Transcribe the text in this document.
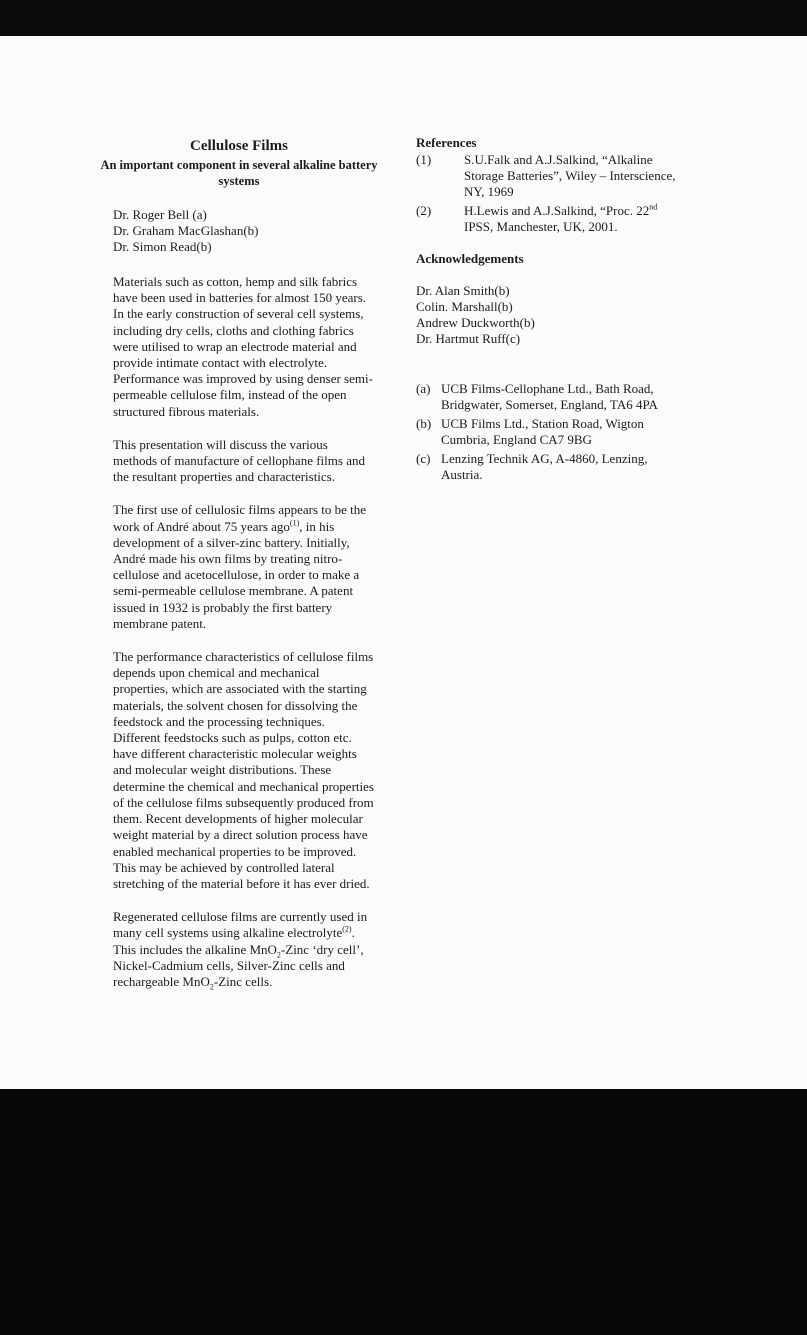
Cellulose Films
An important component in several alkaline battery systems
Dr. Roger Bell (a)
Dr. Graham MacGlashan(b)
Dr. Simon Read(b)

Materials such as cotton, hemp and silk fabrics have been used in batteries for almost 150 years. In the early construction of several cell systems, including dry cells, cloths and clothing fabrics were utilised to wrap an electrode material and provide intimate contact with electrolyte. Performance was improved by using denser semi-permeable cellulose film, instead of the open structured fibrous materials.

This presentation will discuss the various methods of manufacture of cellophane films and the resultant properties and characteristics.

The first use of cellulosic films appears to be the work of André about 75 years ago$^{(1)}$, in his development of a silver-zinc battery. Initially, André made his own films by treating nitro-cellulose and acetocellulose, in order to make a semi-permeable cellulose membrane. A patent issued in 1932 is probably the first battery membrane patent.

The performance characteristics of cellulose films depends upon chemical and mechanical properties, which are associated with the starting materials, the solvent chosen for dissolving the feedstock and the processing techniques. Different feedstocks such as pulps, cotton etc. have different characteristic molecular weights and molecular weight distributions. These determine the chemical and mechanical properties of the cellulose films subsequently produced from them. Recent developments of higher molecular weight material by a direct solution process have enabled mechanical properties to be improved. This may be achieved by controlled lateral stretching of the material before it has ever dried.

Regenerated cellulose films are currently used in many cell systems using alkaline electrolyte$^{(2)}$. This includes the alkaline MnO$_2$-Zinc ‘dry cell’, Nickel-Cadmium cells, Silver-Zinc cells and rechargeable MnO$_2$-Zinc cells.

References
(1)	S.U.Falk and A.J.Salkind, “Alkaline Storage Batteries”, Wiley – Interscience, NY, 1969
(2)	H.Lewis and A.J.Salkind, “Proc. 22nd IPSS, Manchester, UK, 2001.
Acknowledgements
Dr. Alan Smith(b)
Colin. Marshall(b)
Andrew Duckworth(b)
Dr. Hartmut Ruff(c)
(a) UCB Films-Cellophane Ltd., Bath Road, Bridgwater, Somerset, England, TA6 4PA
(b) UCB Films Ltd., Station Road, Wigton Cumbria, England CA7 9BG
(c) Lenzing Technik AG, A-4860, Lenzing, Austria.
